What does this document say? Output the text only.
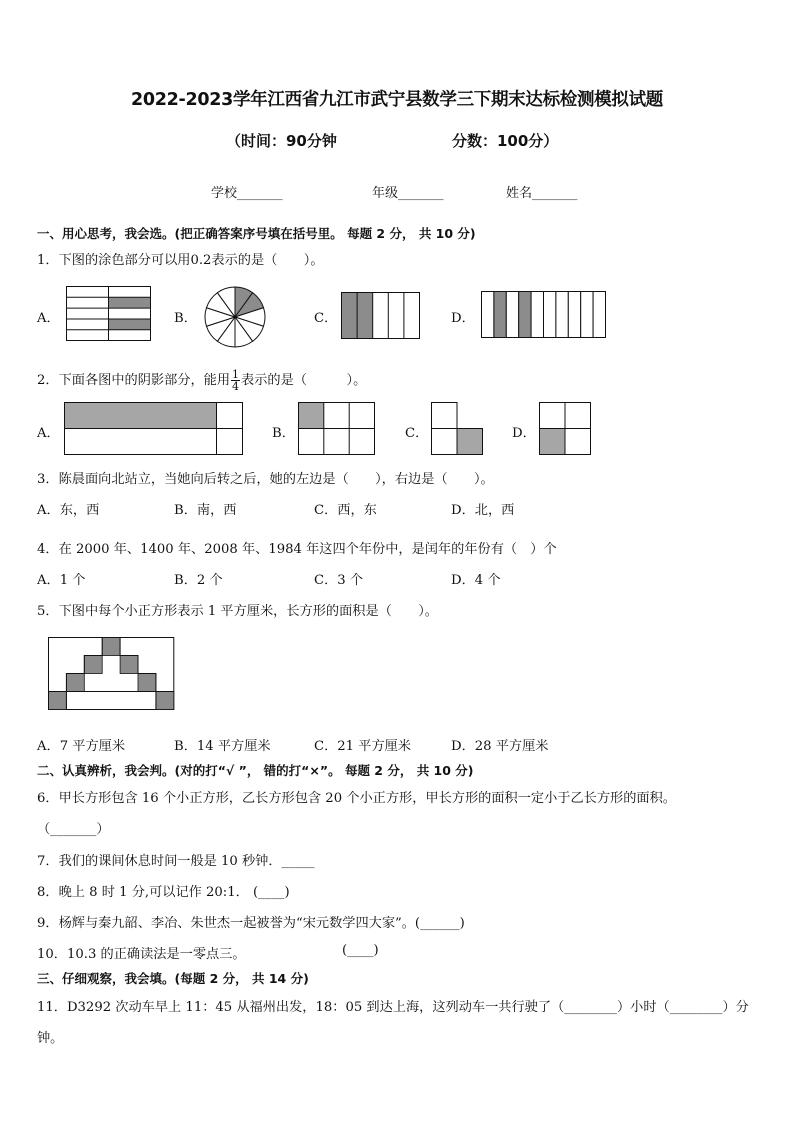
2022-2023学年江西省九江市武宁县数学三下期末达标检测模拟试题
（时间：90分钟	分数：100分）
学校_______	年级_______	姓名_______
一、用心思考，我会选。(把正确答案序号填在括号里。 每题 2 分， 共 10 分)
1．下图的涂色部分可以用0.2表示的是（　　）。
A．	B．	C．	D．
2．下面各图中的阴影部分，能用 $\frac{1}{4}$ 表示的是（　　　）。
A．	B．	C．	D．
3．陈晨面向北站立，当她向后转之后，她的左边是（　　），右边是（　　）。
A．东，西	B．南，西	C．西，东	D．北，西
4．在 2000 年、1400 年、2008 年、1984 年这四个年份中，是闰年的年份有（　）个
A．1 个	B．2 个	C．3 个	D．4 个
5．下图中每个小正方形表示 1 平方厘米，长方形的面积是（　　）。
A．7 平方厘米	B．14 平方厘米	C．21 平方厘米	D．28 平方厘米
二、认真辨析，我会判。(对的打“√ ”， 错的打“×”。 每题 2 分， 共 10 分)
6．甲长方形包含 16 个小正方形，乙长方形包含 20 个小正方形，甲长方形的面积一定小于乙长方形的面积。
（_______）
7．我们的课间休息时间一般是 10 秒钟．_____
8．晚上 8 时 1 分,可以记作 20:1． (____)
9．杨辉与秦九韶、李冶、朱世杰一起被誉为“宋元数学四大家”。(______)
10．10.3 的正确读法是一零点三。	(____)
三、仔细观察，我会填。(每题 2 分， 共 14 分)
11．D3292 次动车早上 11：45 从福州出发，18：05 到达上海，这列动车一共行驶了（________）小时（________）分
钟。
